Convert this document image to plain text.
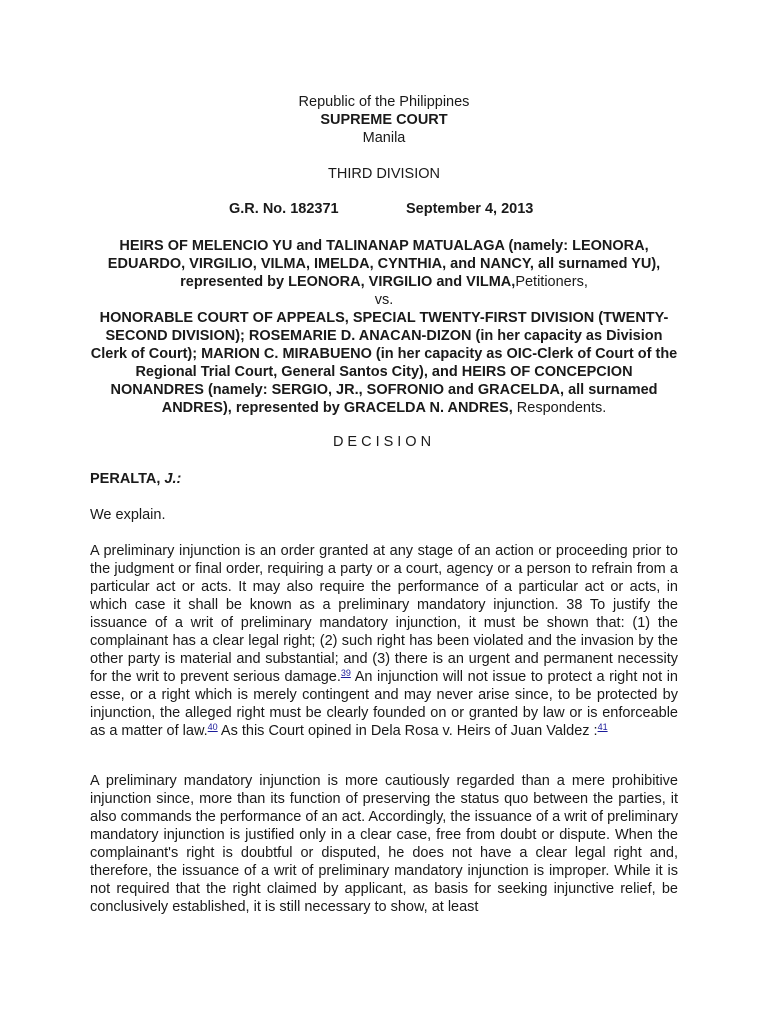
Republic of the Philippines
SUPREME COURT
Manila
THIRD DIVISION
G.R. No. 182371	September 4, 2013
HEIRS OF MELENCIO YU and TALINANAP MATUALAGA (namely: LEONORA, EDUARDO, VIRGILIO, VILMA, IMELDA, CYNTHIA, and NANCY, all surnamed YU), represented by LEONORA, VIRGILIO and VILMA,Petitioners,
vs.
HONORABLE COURT OF APPEALS, SPECIAL TWENTY-FIRST DIVISION (TWENTY-SECOND DIVISION); ROSEMARIE D. ANACAN-DIZON (in her capacity as Division Clerk of Court); MARION C. MIRABUENO (in her capacity as OIC-Clerk of Court of the Regional Trial Court, General Santos City), and HEIRS OF CONCEPCION NONANDRES (namely: SERGIO, JR., SOFRONIO and GRACELDA, all surnamed ANDRES), represented by GRACELDA N. ANDRES, Respondents.
DECISION
PERALTA, J.:
We explain.
A preliminary injunction is an order granted at any stage of an action or proceeding prior to the judgment or final order, requiring a party or a court, agency or a person to refrain from a particular act or acts. It may also require the performance of a particular act or acts, in which case it shall be known as a preliminary mandatory injunction. 38 To justify the issuance of a writ of preliminary mandatory injunction, it must be shown that: (1) the complainant has a clear legal right; (2) such right has been violated and the invasion by the other party is material and substantial; and (3) there is an urgent and permanent necessity for the writ to prevent serious damage.$^{39}$ An injunction will not issue to protect a right not in esse, or a right which is merely contingent and may never arise since, to be protected by injunction, the alleged right must be clearly founded on or granted by law or is enforceable as a matter of law.$^{40}$ As this Court opined in Dela Rosa v. Heirs of Juan Valdez :$^{41}$
A preliminary mandatory injunction is more cautiously regarded than a mere prohibitive injunction since, more than its function of preserving the status quo between the parties, it also commands the performance of an act. Accordingly, the issuance of a writ of preliminary mandatory injunction is justified only in a clear case, free from doubt or dispute. When the complainant's right is doubtful or disputed, he does not have a clear legal right and, therefore, the issuance of a writ of preliminary mandatory injunction is improper. While it is not required that the right claimed by applicant, as basis for seeking injunctive relief, be conclusively established, it is still necessary to show, at least
